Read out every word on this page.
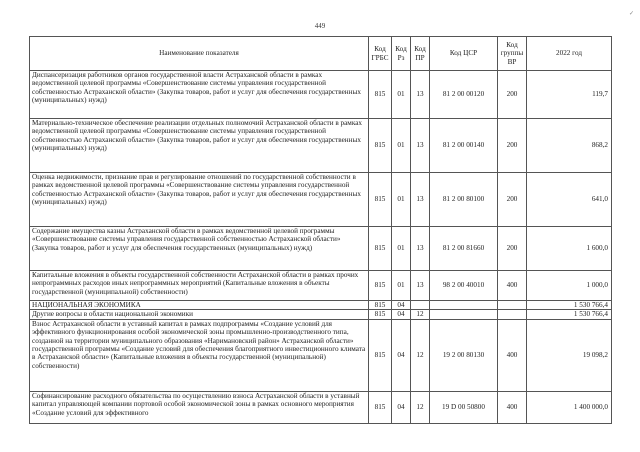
449
✓
Наименование показателя	Код ГРБС	Код Рз	Код ПР	Код ЦСР	Код группы ВР	2022 год
Диспансеризация работников органов государственной власти Астраханской области в рамках ведомственной целевой программы «Совершенствование системы управления государственной собственностью Астраханской области» (Закупка товаров, работ и услуг для обеспечения государственных (муниципальных) нужд)	815	01	13	81 2 00 00120	200	119,7
Материально-техническое обеспечение реализации отдельных полномочий Астраханской области в рамках ведомственной целевой программы «Совершенствование системы управления государственной собственностью Астраханской области» (Закупка товаров, работ и услуг для обеспечения государственных (муниципальных) нужд)	815	01	13	81 2 00 00140	200	868,2
Оценка недвижимости, признание прав и регулирование отношений по государственной собственности в рамках ведомственной целевой программы «Совершенствование системы управления государственной собственностью Астраханской области» (Закупка товаров, работ и услуг для обеспечения государственных (муниципальных) нужд)	815	01	13	81 2 00 80100	200	641,0
Содержание имущества казны Астраханской области в рамках ведомственной целевой программы «Совершенствование системы управления государственной собственностью Астраханской области» (Закупка товаров, работ и услуг для обеспечения государственных (муниципальных) нужд)	815	01	13	81 2 00 81660	200	1 600,0
Капитальные вложения в объекты государственной собственности Астраханской области в рамках прочих непрограммных расходов иных непрограммных мероприятий (Капитальные вложения в объекты государственной (муниципальной) собственности)	815	01	13	98 2 00 40010	400	1 000,0
НАЦИОНАЛЬНАЯ ЭКОНОМИКА	815	04				1 530 766,4
Другие вопросы в области национальной экономики	815	04	12			1 530 766,4
Взнос Астраханской области в уставный капитал в рамках подпрограммы «Создание условий для эффективного функционирования особой экономической зоны промышленно-производственного типа, созданной на территории муниципального образования «Наримановский район» Астраханской области» государственной программы «Создание условий для обеспечения благоприятного инвестиционного климата в Астраханской области» (Капитальные вложения в объекты государственной (муниципальной) собственности)	815	04	12	19 2 00 80130	400	19 098,2
Софинансирование расходного обязательства по осуществлению взноса Астраханской области в уставный капитал управляющей компании портовой особой экономической зоны в рамках основного мероприятия «Создание условий для эффективного	815	04	12	19 D 00 50800	400	1 400 000,0
